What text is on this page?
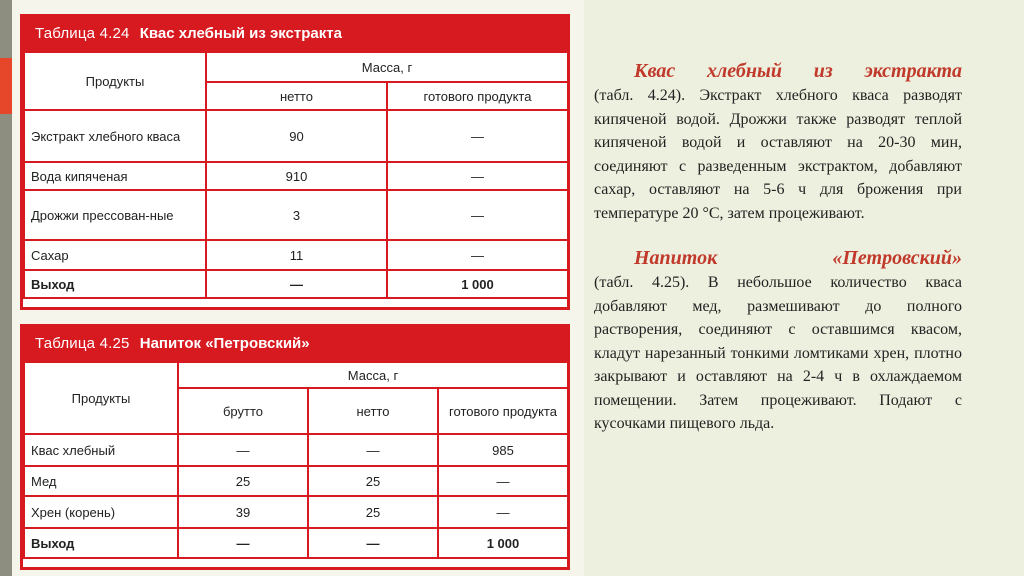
Таблица 4.24 Квас хлебный из экстракта
Продукты	Масса, г	
	нетто	готового продукта
Экстракт хлебного кваса	90	—
Вода кипяченая	910	—
Дрожжи прессован-ные	3	—
Сахар	11	—
Выход	—	1 000
Таблица 4.25 Напиток «Петровский»
Продукты	Масса, г		
	брутто	нетто	готового продукта
Квас хлебный	—	—	985
Мед	25	25	—
Хрен (корень)	39	25	—
Выход	—	—	1 000

Квас хлебный из экстракта
(табл. 4.24). Экстракт хлебного кваса разводят кипяченой водой. Дрожжи также разводят теплой кипяченой водой и оставляют на 20-30 мин, соединяют с разведенным экстрактом, добавляют сахар, оставляют на 5-6 ч для брожения при температуре 20 °С, затем процеживают.

Напиток «Петровский»
(табл. 4.25). В небольшое количество кваса добавляют мед, размешивают до полного растворения, соединяют с оставшимся квасом, кладут нарезанный тонкими ломтиками хрен, плотно закрывают и оставляют на 2-4 ч в охлаждаемом помещении. Затем процеживают. Подают с кусочками пищевого льда.
